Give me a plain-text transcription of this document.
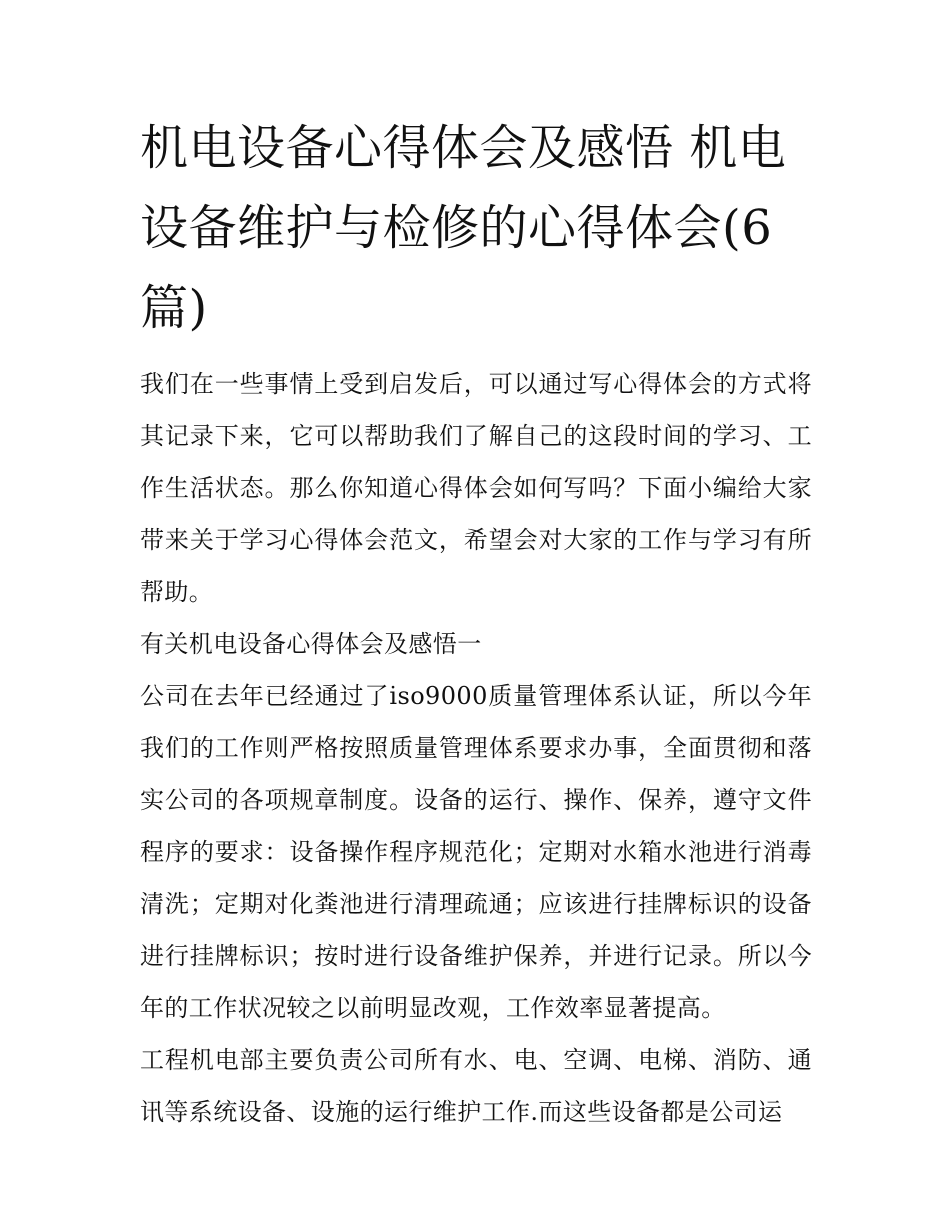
机电设备心得体会及感悟 机电设备维护与检修的心得体会(6篇)

我们在一些事情上受到启发后，可以通过写心得体会的方式将其记录下来，它可以帮助我们了解自己的这段时间的学习、工作生活状态。那么你知道心得体会如何写吗？下面小编给大家带来关于学习心得体会范文，希望会对大家的工作与学习有所帮助。

有关机电设备心得体会及感悟一

公司在去年已经通过了iso9000质量管理体系认证，所以今年我们的工作则严格按照质量管理体系要求办事，全面贯彻和落实公司的各项规章制度。设备的运行、操作、保养，遵守文件程序的要求：设备操作程序规范化；定期对水箱水池进行消毒清洗；定期对化粪池进行清理疏通；应该进行挂牌标识的设备进行挂牌标识；按时进行设备维护保养，并进行记录。所以今年的工作状况较之以前明显改观，工作效率显著提高。

工程机电部主要负责公司所有水、电、空调、电梯、消防、通讯等系统设备、设施的运行维护工作.而这些设备都是公司运
